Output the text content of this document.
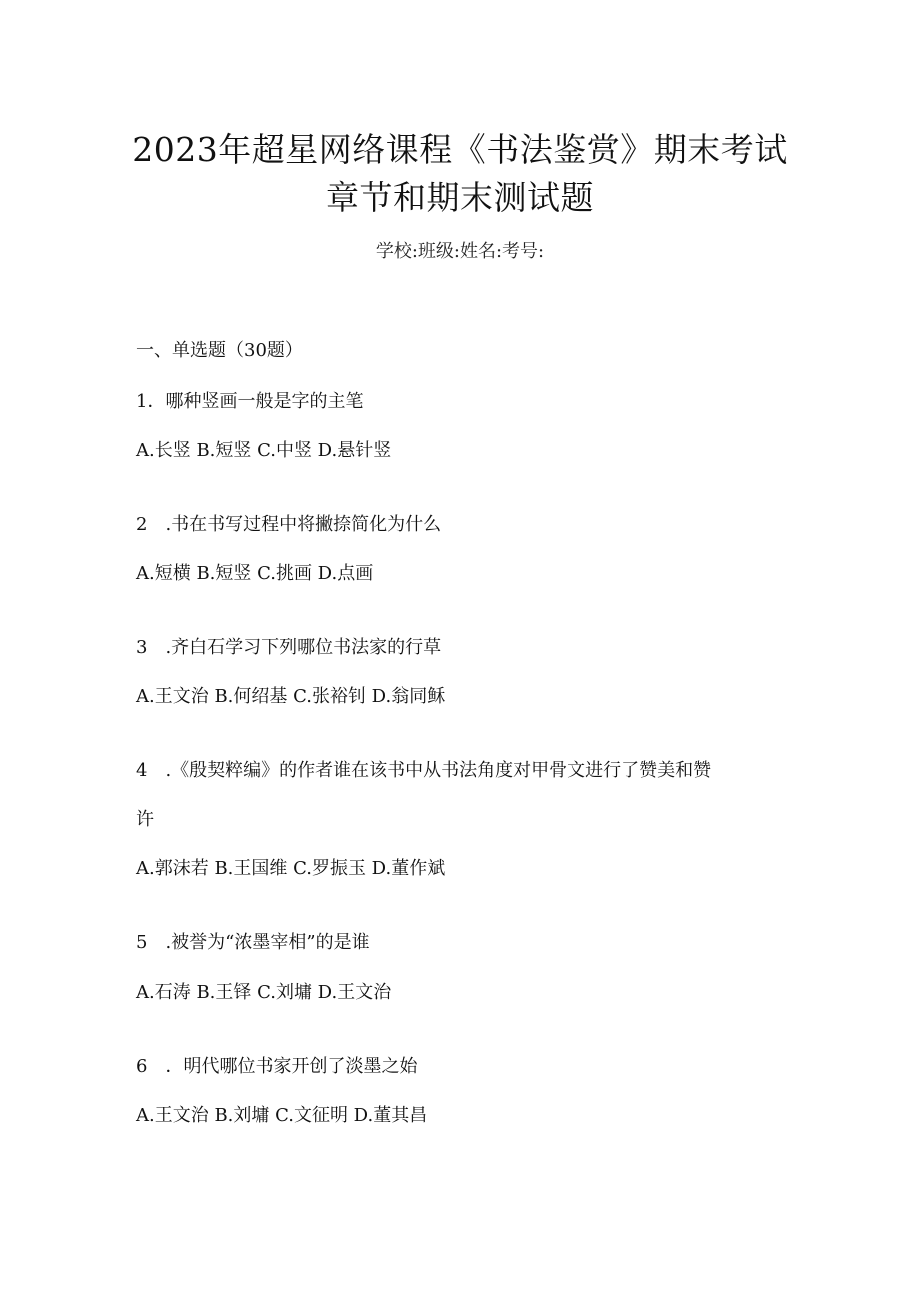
2023年超星网络课程《书法鉴赏》期末考试
章节和期末测试题
学校:班级:姓名:考号:
一、单选题（30题）
1．哪种竖画一般是字的主笔
A.长竖 B.短竖 C.中竖 D.悬针竖
2　.书在书写过程中将撇捺简化为什么
A.短横 B.短竖 C.挑画 D.点画
3　.齐白石学习下列哪位书法家的行草
A.王文治 B.何绍基 C.张裕钊 D.翁同稣
4　.《殷契粹编》的作者谁在该书中从书法角度对甲骨文进行了赞美和赞
许
A.郭沫若 B.王国维 C.罗振玉 D.董作斌
5　.被誉为“浓墨宰相”的是谁
A.石涛 B.王铎 C.刘墉 D.王文治
6　．明代哪位书家开创了淡墨之始
A.王文治 B.刘墉 C.文征明 D.董其昌
